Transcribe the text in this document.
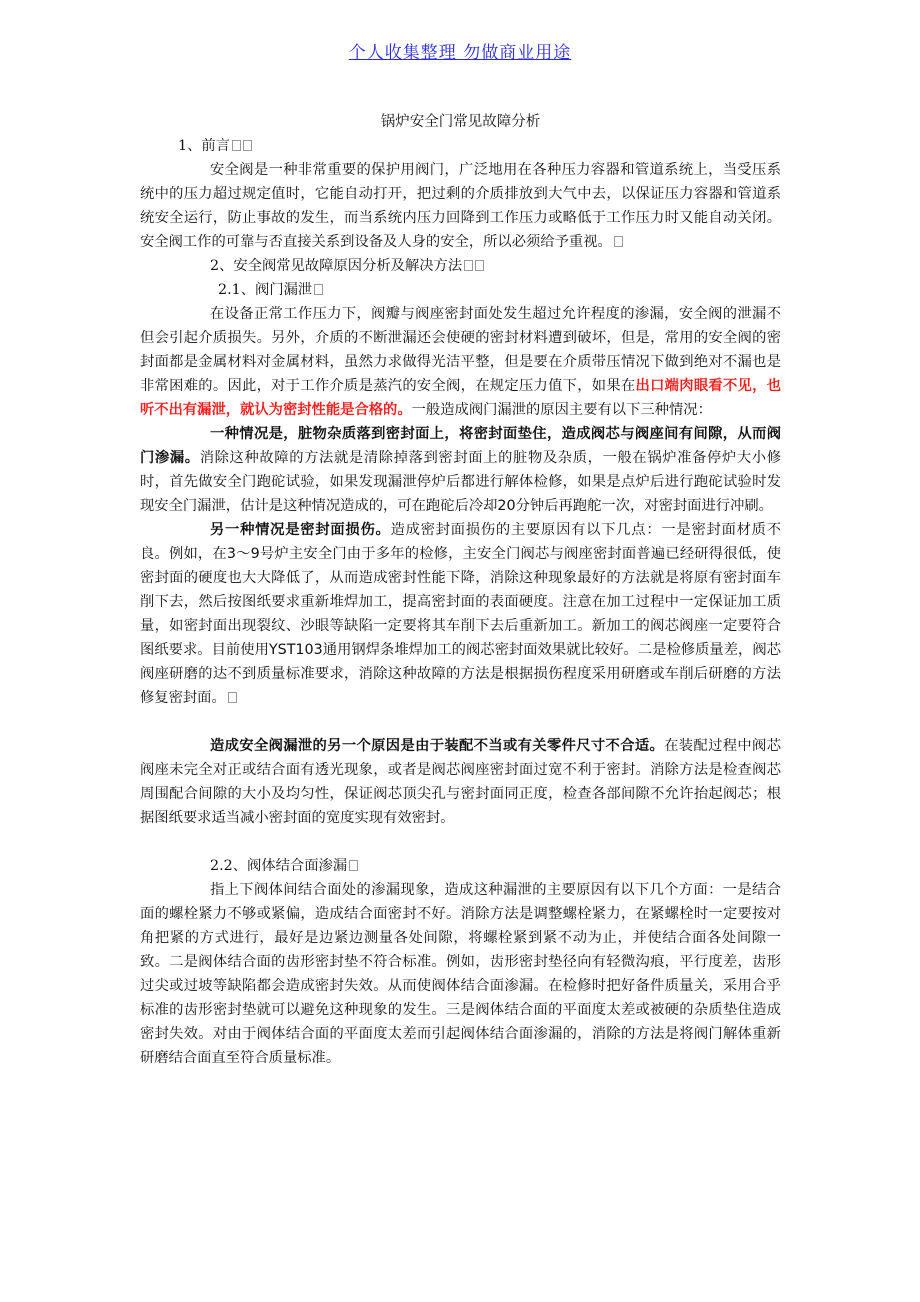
个人收集整理 勿做商业用途

锅炉安全门常见故障分析

1、前言

安全阀是一种非常重要的保护用阀门，广泛地用在各种压力容器和管道系统上，当受压系统中的压力超过规定值时，它能自动打开，把过剩的介质排放到大气中去，以保证压力容器和管道系统安全运行，防止事故的发生，而当系统内压力回降到工作压力或略低于工作压力时又能自动关闭。安全阀工作的可靠与否直接关系到设备及人身的安全，所以必须给予重视。

2、安全阀常见故障原因分析及解决方法

2.1、阀门漏泄

在设备正常工作压力下，阀瓣与阀座密封面处发生超过允许程度的渗漏，安全阀的泄漏不但会引起介质损失。另外，介质的不断泄漏还会使硬的密封材料遭到破坏，但是，常用的安全阀的密封面都是金属材料对金属材料，虽然力求做得光洁平整，但是要在介质带压情况下做到绝对不漏也是非常困难的。因此，对于工作介质是蒸汽的安全阀，在规定压力值下，如果在出口端肉眼看不见，也听不出有漏泄，就认为密封性能是合格的。一般造成阀门漏泄的原因主要有以下三种情况：

一种情况是，脏物杂质落到密封面上，将密封面垫住，造成阀芯与阀座间有间隙，从而阀门渗漏。消除这种故障的方法就是清除掉落到密封面上的脏物及杂质，一般在锅炉准备停炉大小修时，首先做安全门跑砣试验，如果发现漏泄停炉后都进行解体检修，如果是点炉后进行跑砣试验时发现安全门漏泄，估计是这种情况造成的，可在跑砣后冷却20分钟后再跑舵一次，对密封面进行冲刷。

另一种情况是密封面损伤。造成密封面损伤的主要原因有以下几点：一是密封面材质不良。例如，在3～9号炉主安全门由于多年的检修，主安全门阀芯与阀座密封面普遍已经研得很低，使密封面的硬度也大大降低了，从而造成密封性能下降，消除这种现象最好的方法就是将原有密封面车削下去，然后按图纸要求重新堆焊加工，提高密封面的表面硬度。注意在加工过程中一定保证加工质量，如密封面出现裂纹、沙眼等缺陷一定要将其车削下去后重新加工。新加工的阀芯阀座一定要符合图纸要求。目前使用YST103通用钢焊条堆焊加工的阀芯密封面效果就比较好。二是检修质量差，阀芯阀座研磨的达不到质量标准要求，消除这种故障的方法是根据损伤程度采用研磨或车削后研磨的方法修复密封面。

造成安全阀漏泄的另一个原因是由于装配不当或有关零件尺寸不合适。在装配过程中阀芯阀座未完全对正或结合面有透光现象，或者是阀芯阀座密封面过宽不利于密封。消除方法是检查阀芯周围配合间隙的大小及均匀性，保证阀芯顶尖孔与密封面同正度，检查各部间隙不允许抬起阀芯；根据图纸要求适当减小密封面的宽度实现有效密封。

2.2、阀体结合面渗漏

指上下阀体间结合面处的渗漏现象，造成这种漏泄的主要原因有以下几个方面：一是结合面的螺栓紧力不够或紧偏，造成结合面密封不好。消除方法是调整螺栓紧力，在紧螺栓时一定要按对角把紧的方式进行，最好是边紧边测量各处间隙，将螺栓紧到紧不动为止，并使结合面各处间隙一致。二是阀体结合面的齿形密封垫不符合标准。例如，齿形密封垫径向有轻微沟痕，平行度差，齿形过尖或过坡等缺陷都会造成密封失效。从而使阀体结合面渗漏。在检修时把好备件质量关，采用合乎标准的齿形密封垫就可以避免这种现象的发生。三是阀体结合面的平面度太差或被硬的杂质垫住造成密封失效。对由于阀体结合面的平面度太差而引起阀体结合面渗漏的，消除的方法是将阀门解体重新研磨结合面直至符合质量标准。
